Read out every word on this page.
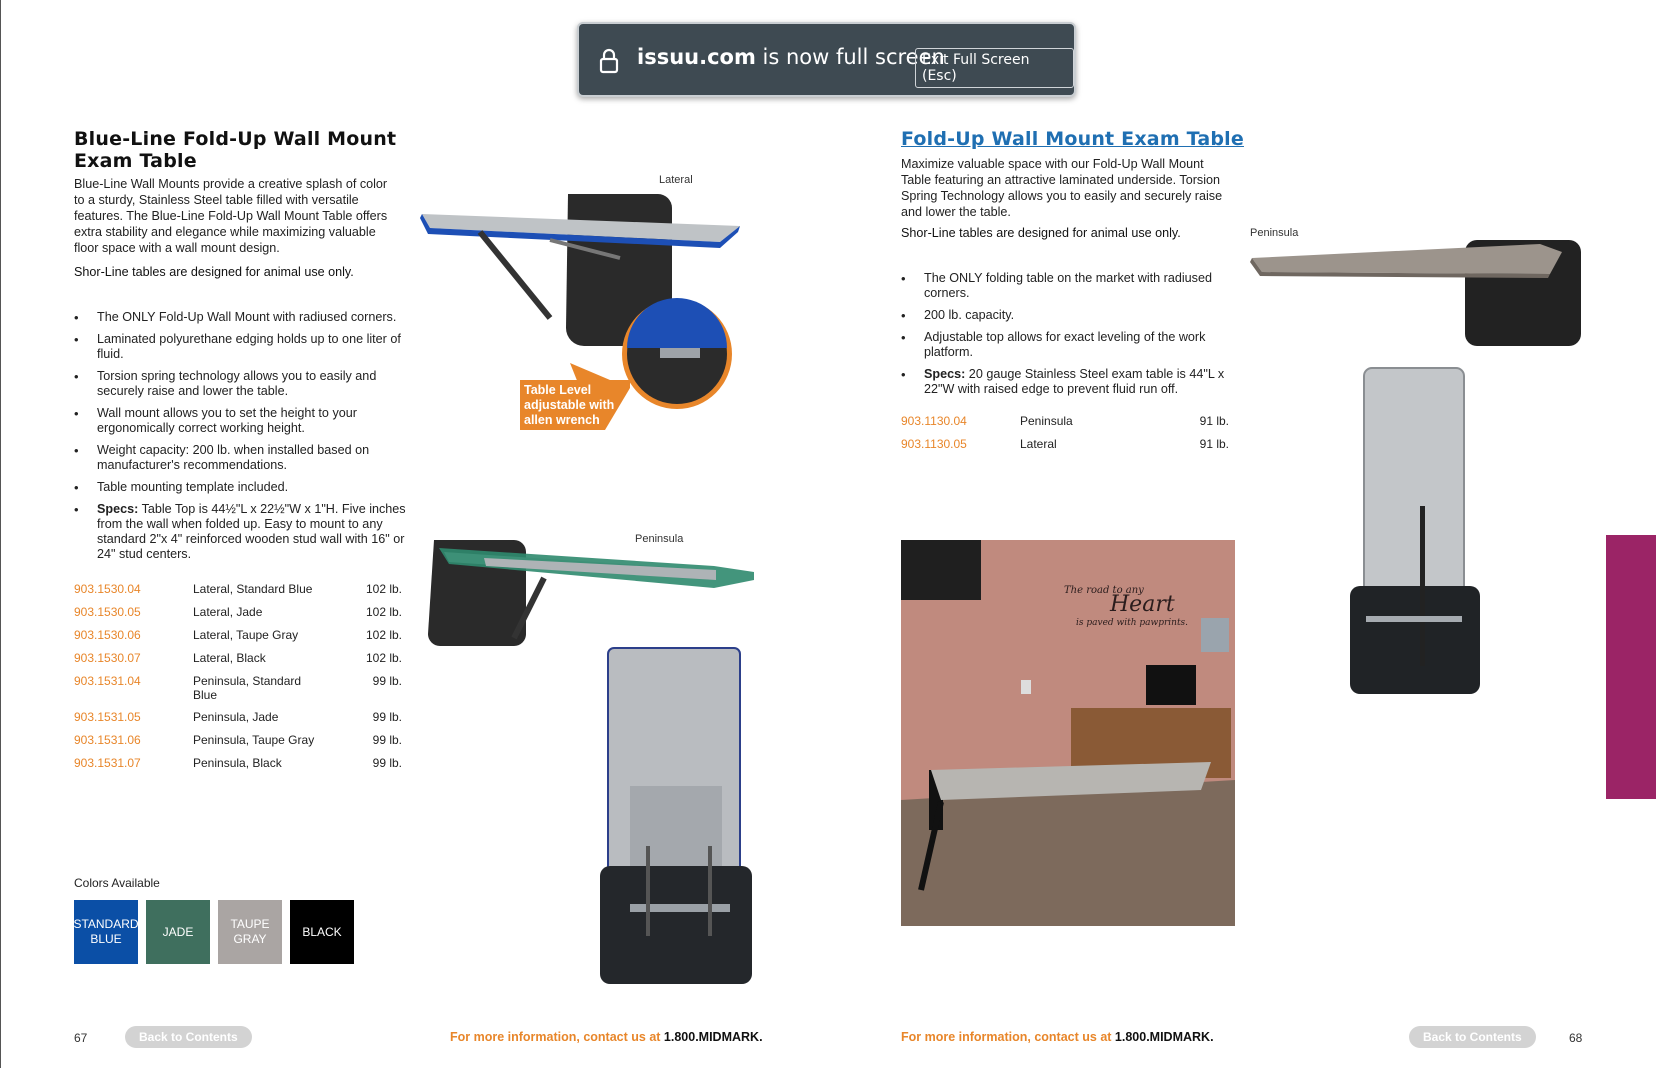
issuu.com is now full screen
Exit Full Screen (Esc)
Blue-Line Fold-Up Wall Mount Exam Table
Blue-Line Wall Mounts provide a creative splash of color to a sturdy, Stainless Steel table filled with versatile features. The Blue-Line Fold-Up Wall Mount Table offers extra stability and elegance while maximizing valuable floor space with a wall mount design.
Shor-Line tables are designed for animal use only.
• The ONLY Fold-Up Wall Mount with radiused corners.
• Laminated polyurethane edging holds up to one liter of fluid.
• Torsion spring technology allows you to easily and securely raise and lower the table.
• Wall mount allows you to set the height to your ergonomically correct working height.
• Weight capacity: 200 lb. when installed based on manufacturer's recommendations.
• Table mounting template included.
• Specs: Table Top is 44½"L x 22½"W x 1"H. Five inches from the wall when folded up. Easy to mount to any standard 2"x 4" reinforced wooden stud wall with 16" or 24" stud centers.
903.1530.04	Lateral, Standard Blue	102 lb.
903.1530.05	Lateral, Jade	102 lb.
903.1530.06	Lateral, Taupe Gray	102 lb.
903.1530.07	Lateral, Black	102 lb.
903.1531.04	Peninsula, Standard Blue	99 lb.
903.1531.05	Peninsula, Jade	99 lb.
903.1531.06	Peninsula, Taupe Gray	99 lb.
903.1531.07	Peninsula, Black	99 lb.
Colors Available
STANDARD BLUE
JADE
TAUPE GRAY
BLACK
Lateral
Table Level adjustable with allen wrench
Peninsula
67	Back to Contents	For more information, contact us at 1.800.MIDMARK.
Fold-Up Wall Mount Exam Table
Maximize valuable space with our Fold-Up Wall Mount Table featuring an attractive laminated underside. Torsion Spring Technology allows you to easily and securely raise and lower the table.
Shor-Line tables are designed for animal use only.
• The ONLY folding table on the market with radiused corners.
• 200 lb. capacity.
• Adjustable top allows for exact leveling of the work platform.
• Specs: 20 gauge Stainless Steel exam table is 44"L x 22"W with raised edge to prevent fluid run off.
903.1130.04	Peninsula	91 lb.
903.1130.05	Lateral	91 lb.
The road to any
Heart
is paved with pawprints.
Peninsula
For more information, contact us at 1.800.MIDMARK.	Back to Contents	68
